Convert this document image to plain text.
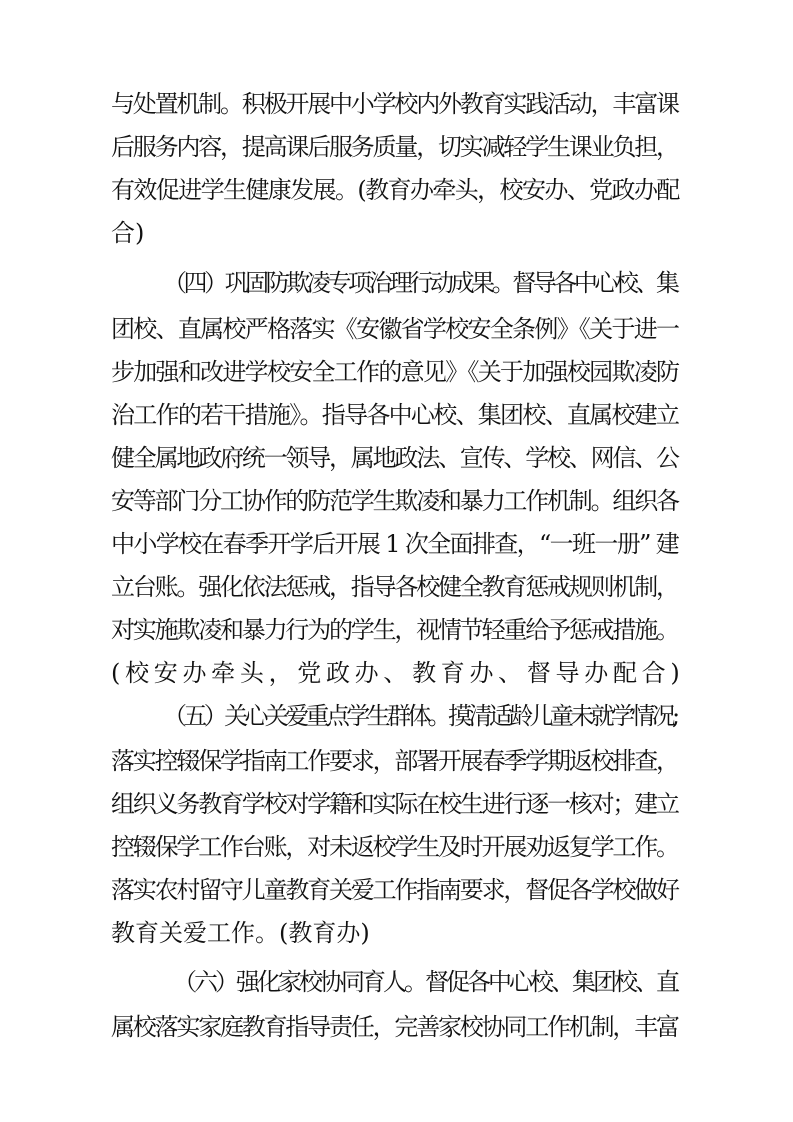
与处置机制。积极开展中小学校内外教育实践活动，丰富课
后服务内容，提高课后服务质量，切实减轻学生课业负担，
有效促进学生健康发展。(教育办牵头，校安办、党政办配
合)
（四）巩固防欺凌专项治理行动成果。督导各中心校、集
团校、直属校严格落实《安徽省学校安全条例》《关于进一
步加强和改进学校安全工作的意见》《关于加强校园欺凌防
治工作的若干措施》。指导各中心校、集团校、直属校建立
健全属地政府统一领导，属地政法、宣传、学校、网信、公
安等部门分工协作的防范学生欺凌和暴力工作机制。组织各
中小学校在春季开学后开展 1 次全面排查，“一班一册” 建
立台账。强化依法惩戒，指导各校健全教育惩戒规则机制，
对实施欺凌和暴力行为的学生，视情节轻重给予惩戒措施。
(校安办牵头，党政办、教育办、督导办配合)
（五）关心关爱重点学生群体。摸清适龄儿童未就学情况;
落实控辍保学指南工作要求，部署开展春季学期返校排查，
组织义务教育学校对学籍和实际在校生进行逐一核对；建立
控辍保学工作台账，对未返校学生及时开展劝返复学工作。
落实农村留守儿童教育关爱工作指南要求，督促各学校做好
教育关爱工作。(教育办)
（六）强化家校协同育人。督促各中心校、集团校、直
属校落实家庭教育指导责任，完善家校协同工作机制，丰富
